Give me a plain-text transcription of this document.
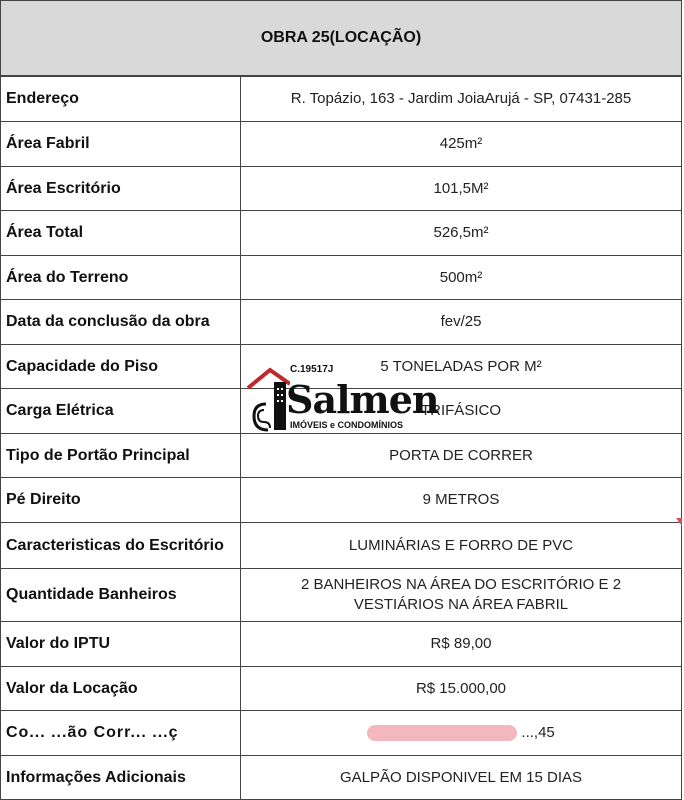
OBRA 25(LOCAÇÃO)
Endereço	R. Topázio, 163 - Jardim JoiaArujá - SP, 07431-285
Área Fabril	425m²
Área Escritório	101,5M²
Área Total	526,5m²
Área do Terreno	500m²
Data da conclusão da obra	fev/25
Capacidade do Piso	5 TONELADAS POR M²
Carga Elétrica	TRIFÁSICO
Tipo de Portão Principal	PORTA DE CORRER
Pé Direito	9 METROS
Caracteristicas do Escritório	LUMINÁRIAS E FORRO DE PVC
Quantidade Banheiros	2 BANHEIROS NA ÁREA DO ESCRITÓRIO E 2
VESTIÁRIOS NA ÁREA FABRIL

Valor do IPTU	R$ 89,00
Valor da Locação	R$ 15.000,00
Co... ...ão Corr... ...ç	...,45
Informações Adicionais	GALPÃO DISPONIVEL EM 15 DIAS
C.19517J
Salmen
IMÓVEIS e CONDOMÍNIOS
